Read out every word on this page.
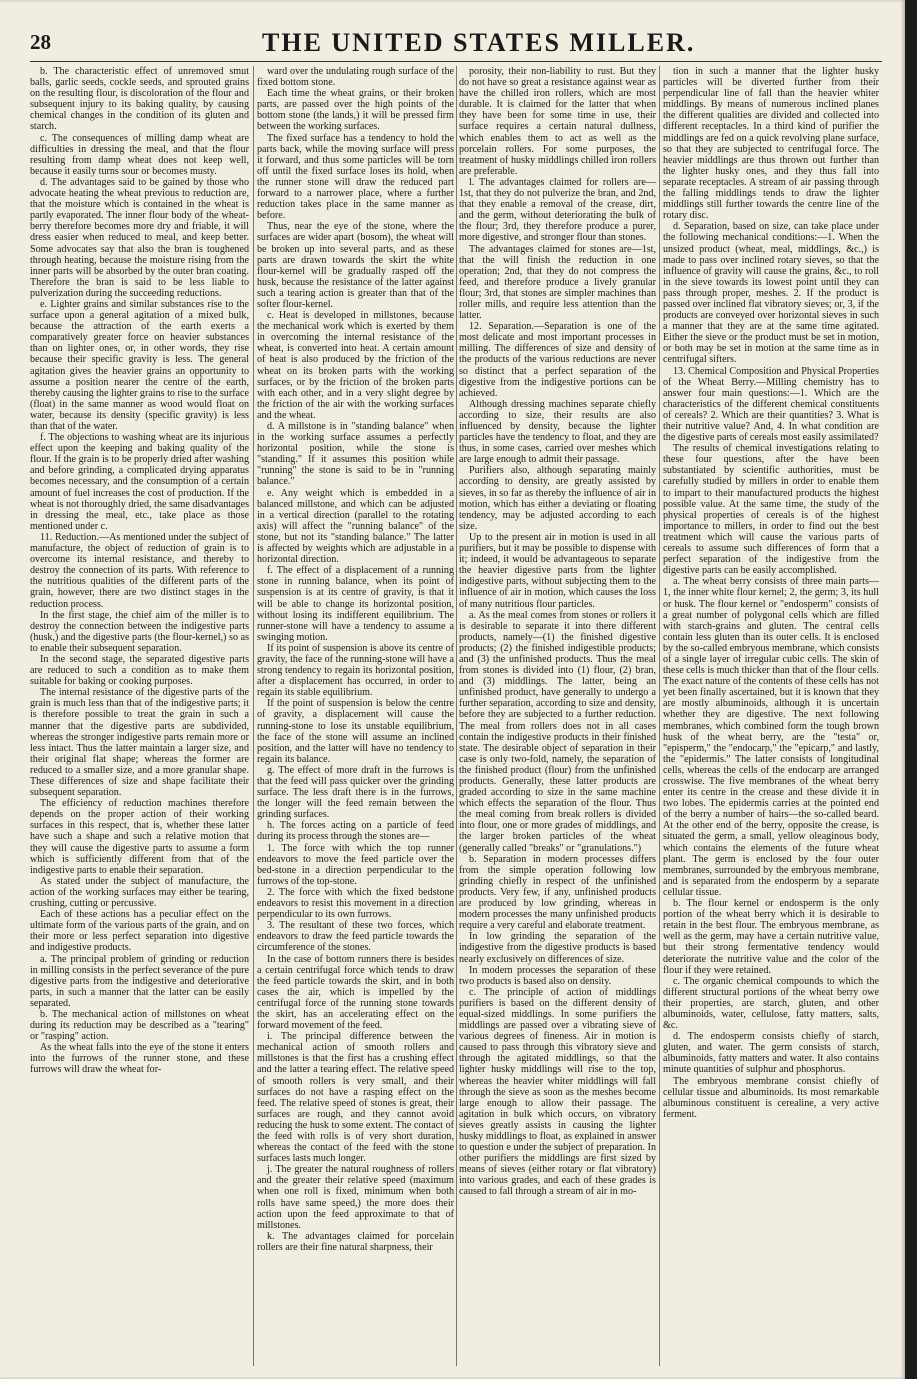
28	THE UNITED STATES MILLER.

b. The characteristic effect of unremoved smut balls, garlic seeds, cockle seeds, and sprouted grains on the resulting flour, is discoloration of the flour and subsequent injury to its baking quality, by causing chemical changes in the condition of its gluten and starch.

c. The consequences of milling damp wheat are difficulties in dressing the meal, and that the flour resulting from damp wheat does not keep well, because it easily turns sour or becomes musty.

d. The advantages said to be gained by those who advocate heating the wheat previous to reduction are, that the moisture which is contained in the wheat is partly evaporated. The inner flour body of the wheat-berry therefore becomes more dry and friable, it will dress easier when reduced to meal, and keep better. Some advocates say that also the bran is toughened through heating, because the moisture rising from the inner parts will be absorbed by the outer bran coating. Therefore the bran is said to be less liable to pulverization during the succeeding reductions.

e. Lighter grains and similar substances rise to the surface upon a general agitation of a mixed bulk, because the attraction of the earth exerts a comparatively greater force on heavier substances than on lighter ones, or, in other words, they rise because their specific gravity is less. The general agitation gives the heavier grains an opportunity to assume a position nearer the centre of the earth, thereby causing the lighter grains to rise to the surface (float) in the same manner as wood would float on water, because its density (specific gravity) is less than that of the water.

f. The objections to washing wheat are its injurious effect upon the keeping and baking quality of the flour. If the grain is to be properly dried after washing and before grinding, a complicated drying apparatus becomes necessary, and the consumption of a certain amount of fuel increases the cost of production. If the wheat is not thoroughly dried, the same disadvantages in dressing the meal, etc., take place as those mentioned under c.

11. Reduction.—As mentioned under the subject of manufacture, the object of reduction of grain is to overcome its internal resistance, and thereby to destroy the connection of its parts. With reference to the nutritious qualities of the different parts of the grain, however, there are two distinct stages in the reduction process.

In the first stage, the chief aim of the miller is to destroy the connection between the indigestive parts (husk,) and the digestive parts (the flour-kernel,) so as to enable their subsequent separation.

In the second stage, the separated digestive parts are reduced to such a condition as to make them suitable for baking or cooking purposes.

The internal resistance of the digestive parts of the grain is much less than that of the indigestive parts; it is therefore possible to treat the grain in such a manner that the digestive parts are subdivided, whereas the stronger indigestive parts remain more or less intact. Thus the latter maintain a larger size, and their original flat shape; whereas the former are reduced to a smaller size, and a more granular shape. These differences of size and shape facilitate their subsequent separation.

The efficiency of reduction machines therefore depends on the proper action of their working surfaces in this respect, that is, whether these latter have such a shape and such a relative motion that they will cause the digestive parts to assume a form which is sufficiently different from that of the indigestive parts to enable their separation.

As stated under the subject of manufacture, the action of the working surfaces may either be tearing, crushing, cutting or percussive.

Each of these actions has a peculiar effect on the ultimate form of the various parts of the grain, and on their more or less perfect separation into digestive and indigestive products.

a. The principal problem of grinding or reduction in milling consists in the perfect severance of the pure digestive parts from the indigestive and deteriorative parts, in such a manner that the latter can be easily separated.

b. The mechanical action of millstones on wheat during its reduction may be described as a "tearing" or "rasping" action.

As the wheat falls into the eye of the stone it enters into the furrows of the runner stone, and these furrows will draw the wheat for-

ward over the undulating rough surface of the fixed bottom stone.

Each time the wheat grains, or their broken parts, are passed over the high points of the bottom stone (the lands,) it will be pressed firm between the working surfaces.

The fixed surface has a tendency to hold the parts back, while the moving surface will press it forward, and thus some particles will be torn off until the fixed surface loses its hold, when the runner stone will draw the reduced part forward to a narrower place, where a further reduction takes place in the same manner as before.

Thus, near the eye of the stone, where the surfaces are wider apart (bosom), the wheat will be broken up into several parts, and as these parts are drawn towards the skirt the white flour-kernel will be gradually rasped off the husk, because the resistance of the latter against such a tearing action is greater than that of the softer flour-kernel.

c. Heat is developed in millstones, because the mechanical work which is exerted by them in overcoming the internal resistance of the wheat, is converted into heat. A certain amount of heat is also produced by the friction of the wheat on its broken parts with the working surfaces, or by the friction of the broken parts with each other, and in a very slight degree by the friction of the air with the working surfaces and the wheat.

d. A millstone is in "standing balance" when in the working surface assumes a perfectly horizontal position, while the stone is "standing." If it assumes this position while "running" the stone is said to be in "running balance."

e. Any weight which is embedded in a balanced millstone, and which can be adjusted in a vertical direction (parallel to the rotating axis) will affect the "running balance" of the stone, but not its "standing balance." The latter is affected by weights which are adjustable in a horizontal direction.

f. The effect of a displacement of a running stone in running balance, when its point of suspension is at its centre of gravity, is that it will be able to change its horizontal position, without losing its indifferent equilibrium. The runner-stone will have a tendency to assume a swinging motion.

If its point of suspension is above its centre of gravity, the face of the running-stone will have a strong tendency to regain its horizontal position, after a displacement has occurred, in order to regain its stable equilibrium.

If the point of suspension is below the centre of gravity, a displacement will cause the running-stone to lose its unstable equilibrium, the face of the stone will assume an inclined position, and the latter will have no tendency to regain its balance.

g. The effect of more draft in the furrows is that the feed will pass quicker over the grinding surface. The less draft there is in the furrows, the longer will the feed remain between the grinding surfaces.

h. The forces acting on a particle of feed during its process through the stones are—

1. The force with which the top runner endeavors to move the feed particle over the bed-stone in a direction perpendicular to the furrows of the top-stone.

2. The force with which the fixed bedstone endeavors to resist this movement in a direction perpendicular to its own furrows.

3. The resultant of these two forces, which endeavors to draw the feed particle towards the circumference of the stones.

In the case of bottom runners there is besides a certain centrifugal force which tends to draw the feed particle towards the skirt, and in both cases the air, which is impelled by the centrifugal force of the running stone towards the skirt, has an accelerating effect on the forward movement of the feed.

i. The principal difference between the mechanical action of smooth rollers and millstones is that the first has a crushing effect and the latter a tearing effect. The relative speed of smooth rollers is very small, and their surfaces do not have a rasping effect on the feed. The relative speed of stones is great, their surfaces are rough, and they cannot avoid reducing the husk to some extent. The contact of the feed with rolls is of very short duration, whereas the contact of the feed with the stone surfaces lasts much longer.

j. The greater the natural roughness of rollers and the greater their relative speed (maximum when one roll is fixed, minimum when both rolls have same speed,) the more does their action upon the feed approximate to that of millstones.

k. The advantages claimed for porcelain rollers are their fine natural sharpness, their

porosity, their non-liability to rust. But they do not have so great a resistance against wear as have the chilled iron rollers, which are most durable. It is claimed for the latter that when they have been for some time in use, their surface requires a certain natural dullness, which enables them to act as well as the porcelain rollers. For some purposes, the treatment of husky middlings chilled iron rollers are preferable.

l. The advantages claimed for rollers are—1st, that they do not pulverize the bran, and 2nd, that they enable a removal of the crease, dirt, and the germ, without deteriorating the bulk of the flour; 3rd, they therefore produce a purer, more digestive, and stronger flour than stones.

The advantages claimed for stones are—1st, that the will finish the reduction in one operation; 2nd, that they do not compress the feed, and therefore produce a lively granular flour; 3rd, that stones are simpler machines than roller mills, and require less attention than the latter.

12. Separation.—Separation is one of the most delicate and most important processes in milling. The differences of size and density of the products of the various reductions are never so distinct that a perfect separation of the digestive from the indigestive portions can be achieved.

Although dressing machines separate chiefly according to size, their results are also influenced by density, because the lighter particles have the tendency to float, and they are thus, in some cases, carried over meshes which are large enough to admit their passage.

Purifiers also, although separating mainly according to density, are greatly assisted by sieves, in so far as thereby the influence of air in motion, which has either a deviating or floating tendency, may be adjusted according to each size.

Up to the present air in motion is used in all purifiers, but it may be possible to dispense with it; indeed, it would be advantageous to separate the heavier digestive parts from the lighter indigestive parts, without subjecting them to the influence of air in motion, which causes the loss of many nutritious flour particles.

a. As the meal comes from stones or rollers it is desirable to separate it into there different products, namely—(1) the finished digestive products; (2) the finished indigestible products; and (3) the unfinished products. Thus the meal from stones is divided into (1) flour, (2) bran, and (3) middlings. The latter, being an unfinished product, have generally to undergo a further separation, according to size and density, before they are subjected to a further reduction. The meal from rollers does not in all cases contain the indigestive products in their finished state. The desirable object of separation in their case is only two-fold, namely, the separation of the finished product (flour) from the unfinished products. Generally, these latter products are graded according to size in the same machine which effects the separation of the flour. Thus the meal coming from break rollers is divided into flour, one or more grades of middlings, and the larger broken particles of the wheat (generally called "breaks" or "granulations.")

b. Separation in modern processes differs from the simple operation following low grinding chiefly in respect of the unfinished products. Very few, if any, unfinished products are produced by low grinding, whereas in modern processes the many unfinished products require a very careful and elaborate treatment.

In low grinding the separation of the indigestive from the digestive products is based nearly exclusively on differences of size.

In modern processes the separation of these two products is based also on density.

c. The principle of action of middlings purifiers is based on the different density of equal-sized middlings. In some purifiers the middlings are passed over a vibrating sieve of various degrees of fineness. Air in motion is caused to pass through this vibratory sieve and through the agitated middlings, so that the lighter husky middlings will rise to the top, whereas the heavier whiter middlings will fall through the sieve as soon as the meshes become large enough to allow their passage. The agitation in bulk which occurs, on vibratory sieves greatly assists in causing the lighter husky middlings to float, as explained in answer to question e under the subject of preparation. In other purifiers the middlings are first sized by means of sieves (either rotary or flat vibratory) into various grades, and each of these grades is caused to fall through a stream of air in mo-

tion in such a manner that the lighter husky particles will be diverted further from their perpendicular line of fall than the heavier whiter middlings. By means of numerous inclined planes the different qualities are divided and collected into different receptacles. In a third kind of purifier the middlings are fed on a quick revolving plane surface, so that they are subjected to centrifugal force. The heavier middlings are thus thrown out further than the lighter husky ones, and they thus fall into separate receptacles. A stream of air passing through the falling middlings tends to draw the lighter middlings still further towards the centre line of the rotary disc.

d. Separation, based on size, can take place under the following mechanical conditions:—1. When the unsized product (wheat, meal, middlings, &c.,) is made to pass over inclined rotary sieves, so that the influence of gravity will cause the grains, &c., to roll in the sieve towards its lowest point until they can pass through proper, meshes. 2. If the product is passed over inclined flat vibratory sieves; or, 3, if the products are conveyed over horizontal sieves in such a manner that they are at the same time agitated. Either the sieve or the product must be set in motion, or both may be set in motion at the same time as in centrifugal sifters.

13. Chemical Composition and Physical Properties of the Wheat Berry.—Milling chemistry has to answer four main questions:—1. Which are the characteristics of the different chemical constituents of cereals? 2. Which are their quantities? 3. What is their nutritive value? And, 4. In what condition are the digestive parts of cereals most easily assimilated?

The results of chemical investigations relating to these four questions, after the have been substantiated by scientific authorities, must be carefully studied by millers in order to enable them to impart to their manufactured products the highest possible value. At the same time, the study of the physical properties of cereals is of the highest importance to millers, in order to find out the best treatment which will cause the various parts of cereals to assume such differences of form that a perfect separation of the indigestive from the digestive parts can be easily accomplished.

a. The wheat berry consists of three main parts—1, the inner white flour kernel; 2, the germ; 3, its hull or husk. The flour kernel or "endosperm" consists of a great number of polygonal cells which are filled with starch-grains and gluten. The central cells contain less gluten than its outer cells. It is enclosed by the so-called embryous membrane, which consists of a single layer of irregular cubic cells. The skin of these cells is much thicker than that of the flour cells. The exact nature of the contents of these cells has not yet been finally ascertained, but it is known that they are mostly albuminoids, although it is uncertain whether they are digestive. The next following membranes, which combined form the tough brown husk of the wheat berry, are the "testa" or, "episperm," the "endocarp," the "epicarp," and lastly, the "epidermis." The latter consists of longitudinal cells, whereas the cells of the endocarp are arranged crosswise. The five membranes of the wheat berry enter its centre in the crease and these divide it in two lobes. The epidermis carries at the pointed end of the berry a number of hairs—the so-called beard. At the other end of the berry, opposite the crease, is situated the germ, a small, yellow oleaginous body, which contains the elements of the future wheat plant. The germ is enclosed by the four outer membranes, surrounded by the embryous membrane, and is separated from the endosperm by a separate cellular tissue.

b. The flour kernel or endosperm is the only portion of the wheat berry which it is desirable to retain in the best flour. The embryous membrane, as well as the germ, may have a certain nutritive value, but their strong fermentative tendency would deteriorate the nutritive value and the color of the flour if they were retained.

c. The organic chemical compounds to which the different structural portions of the wheat berry owe their properties, are starch, gluten, and other albuminoids, water, cellulose, fatty matters, salts, &c.

d. The endosperm consists chiefly of starch, gluten, and water. The germ consists of starch, albuminoids, fatty matters and water. It also contains minute quantities of sulphur and phosphorus.

The embryous membrane consist chiefly of cellular tissue and albuminoids. Its most remarkable albuminous constituent is cerealine, a very active ferment.
